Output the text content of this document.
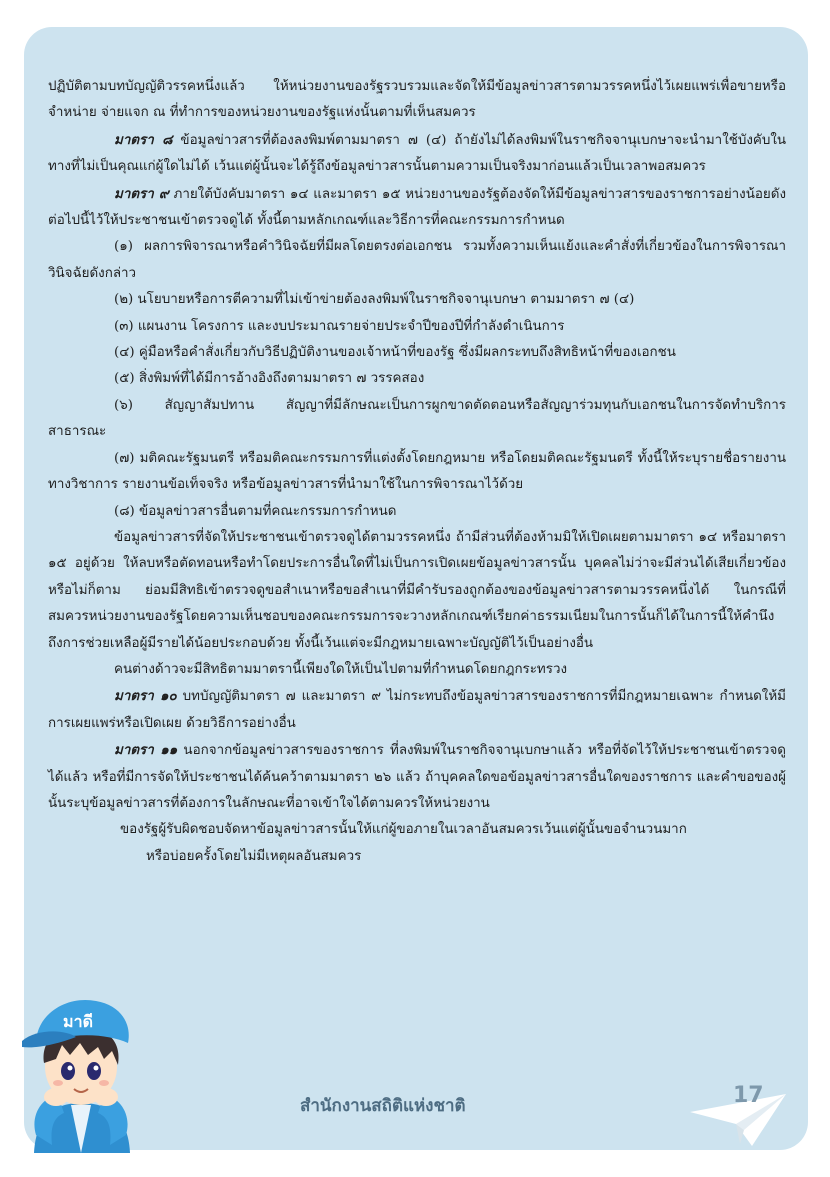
ปฏิบัติตามบทบัญญัติวรรคหนึ่งแล้ว ให้หน่วยงานของรัฐรวบรวมและจัดให้มีข้อมูลข่าวสารตามวรรคหนึ่งไว้เผยแพร่เพื่อขายหรือจำหน่าย จ่ายแจก ณ ที่ทำการของหน่วยงานของรัฐแห่งนั้นตามที่เห็นสมควร

มาตรา ๘ ข้อมูลข่าวสารที่ต้องลงพิมพ์ตามมาตรา ๗ (๔) ถ้ายังไม่ได้ลงพิมพ์ในราชกิจจานุเบกษาจะนำมาใช้บังคับในทางที่ไม่เป็นคุณแก่ผู้ใดไม่ได้ เว้นแต่ผู้นั้นจะได้รู้ถึงข้อมูลข่าวสารนั้นตามความเป็นจริงมาก่อนแล้วเป็นเวลาพอสมควร

มาตรา ๙ ภายใต้บังคับมาตรา ๑๔ และมาตรา ๑๕ หน่วยงานของรัฐต้องจัดให้มีข้อมูลข่าวสารของราชการอย่างน้อยดังต่อไปนี้ไว้ให้ประชาชนเข้าตรวจดูได้ ทั้งนี้ตามหลักเกณฑ์และวิธีการที่คณะกรรมการกำหนด

(๑) ผลการพิจารณาหรือคำวินิจฉัยที่มีผลโดยตรงต่อเอกชน รวมทั้งความเห็นแย้งและคำสั่งที่เกี่ยวข้องในการพิจารณาวินิจฉัยดังกล่าว

(๒) นโยบายหรือการตีความที่ไม่เข้าข่ายต้องลงพิมพ์ในราชกิจจานุเบกษา ตามมาตรา ๗ (๔)

(๓) แผนงาน โครงการ และงบประมาณรายจ่ายประจำปีของปีที่กำลังดำเนินการ

(๔) คู่มือหรือคำสั่งเกี่ยวกับวิธีปฏิบัติงานของเจ้าหน้าที่ของรัฐ ซึ่งมีผลกระทบถึงสิทธิหน้าที่ของเอกชน

(๕) สิ่งพิมพ์ที่ได้มีการอ้างอิงถึงตามมาตรา ๗ วรรคสอง

(๖) สัญญาสัมปทาน สัญญาที่มีลักษณะเป็นการผูกขาดตัดตอนหรือสัญญาร่วมทุนกับเอกชนในการจัดทำบริการสาธารณะ

(๗) มติคณะรัฐมนตรี หรือมติคณะกรรมการที่แต่งตั้งโดยกฎหมาย หรือโดยมติคณะรัฐมนตรี ทั้งนี้ให้ระบุรายชื่อรายงานทางวิชาการ รายงานข้อเท็จจริง หรือข้อมูลข่าวสารที่นำมาใช้ในการพิจารณาไว้ด้วย

(๘) ข้อมูลข่าวสารอื่นตามที่คณะกรรมการกำหนด

ข้อมูลข่าวสารที่จัดให้ประชาชนเข้าตรวจดูได้ตามวรรคหนึ่ง ถ้ามีส่วนที่ต้องห้ามมิให้เปิดเผยตามมาตรา ๑๔ หรือมาตรา ๑๕ อยู่ด้วย ให้ลบหรือตัดทอนหรือทำโดยประการอื่นใดที่ไม่เป็นการเปิดเผยข้อมูลข่าวสารนั้น บุคคลไม่ว่าจะมีส่วนได้เสียเกี่ยวข้องหรือไม่ก็ตาม ย่อมมีสิทธิเข้าตรวจดูขอสำเนาหรือขอสำเนาที่มีคำรับรองถูกต้องของข้อมูลข่าวสารตามวรรคหนึ่งได้ ในกรณีที่สมควรหน่วยงานของรัฐโดยความเห็นชอบของคณะกรรมการจะวางหลักเกณฑ์เรียกค่าธรรมเนียมในการนั้นก็ได้ในการนี้ให้คำนึงถึงการช่วยเหลือผู้มีรายได้น้อยประกอบด้วย ทั้งนี้เว้นแต่จะมีกฎหมายเฉพาะบัญญัติไว้เป็นอย่างอื่น

คนต่างด้าวจะมีสิทธิตามมาตรานี้เพียงใดให้เป็นไปตามที่กำหนดโดยกฎกระทรวง

มาตรา ๑๐ บทบัญญัติมาตรา ๗ และมาตรา ๙ ไม่กระทบถึงข้อมูลข่าวสารของราชการที่มีกฎหมายเฉพาะ กำหนดให้มีการเผยแพร่หรือเปิดเผย ด้วยวิธีการอย่างอื่น

มาตรา ๑๑ นอกจากข้อมูลข่าวสารของราชการ ที่ลงพิมพ์ในราชกิจจานุเบกษาแล้ว หรือที่จัดไว้ให้ประชาชนเข้าตรวจดูได้แล้ว หรือที่มีการจัดให้ประชาชนได้ค้นคว้าตามมาตรา ๒๖ แล้ว ถ้าบุคคลใดขอข้อมูลข่าวสารอื่นใดของราชการ และคำขอของผู้นั้นระบุข้อมูลข่าวสารที่ต้องการในลักษณะที่อาจเข้าใจได้ตามควรให้หน่วยงาน

ของรัฐผู้รับผิดชอบจัดหาข้อมูลข่าวสารนั้นให้แก่ผู้ขอภายในเวลาอันสมควรเว้นแต่ผู้นั้นขอจำนวนมาก

หรือบ่อยครั้งโดยไม่มีเหตุผลอันสมควร

มาดี
สำนักงานสถิติแห่งชาติ	17
